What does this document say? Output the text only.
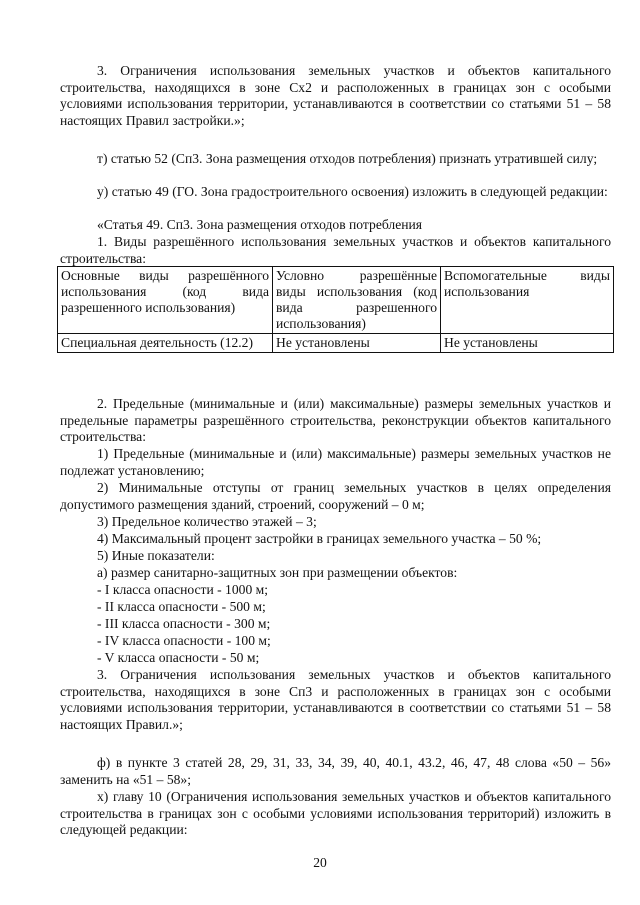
3. Ограничения использования земельных участков и объектов капитального строительства, находящихся в зоне Сх2 и расположенных в границах зон с особыми условиями использования территории, устанавливаются в соответствии со статьями 51 – 58 настоящих Правил застройки.»;

т) статью 52 (Сп3. Зона размещения отходов потребления) признать утратившей силу;

у) статью 49 (ГО. Зона градостроительного освоения) изложить в следующей редакции:

«Статья 49. Сп3. Зона размещения отходов потребления

1. Виды разрешённого использования земельных участков и объектов капитального строительства:

Основные виды разрешённого использования (код вида разрешенного использования)	Условно разрешённые виды использования (код вида разрешенного использования)	Вспомогательные виды использования
Специальная деятельность (12.2)	Не установлены	Не установлены

2. Предельные (минимальные и (или) максимальные) размеры земельных участков и предельные параметры разрешённого строительства, реконструкции объектов капитального строительства:

1) Предельные (минимальные и (или) максимальные) размеры земельных участков не подлежат установлению;

2) Минимальные отступы от границ земельных участков в целях определения допустимого размещения зданий, строений, сооружений – 0 м;

3) Предельное количество этажей – 3;

4) Максимальный процент застройки в границах земельного участка – 50 %;

5) Иные показатели:

а) размер санитарно-защитных зон при размещении объектов:

- I класса опасности - 1000 м;

- II класса опасности - 500 м;

- III класса опасности - 300 м;

- IV класса опасности - 100 м;

- V класса опасности - 50 м;

3. Ограничения использования земельных участков и объектов капитального строительства, находящихся в зоне Сп3 и расположенных в границах зон с особыми условиями использования территории, устанавливаются в соответствии со статьями 51 – 58 настоящих Правил.»;

ф) в пункте 3 статей 28, 29, 31, 33, 34, 39, 40, 40.1, 43.2, 46, 47, 48 слова «50 – 56» заменить на «51 – 58»;

х) главу 10 (Ограничения использования земельных участков и объектов капитального строительства в границах зон с особыми условиями использования территорий) изложить в следующей редакции:

20
